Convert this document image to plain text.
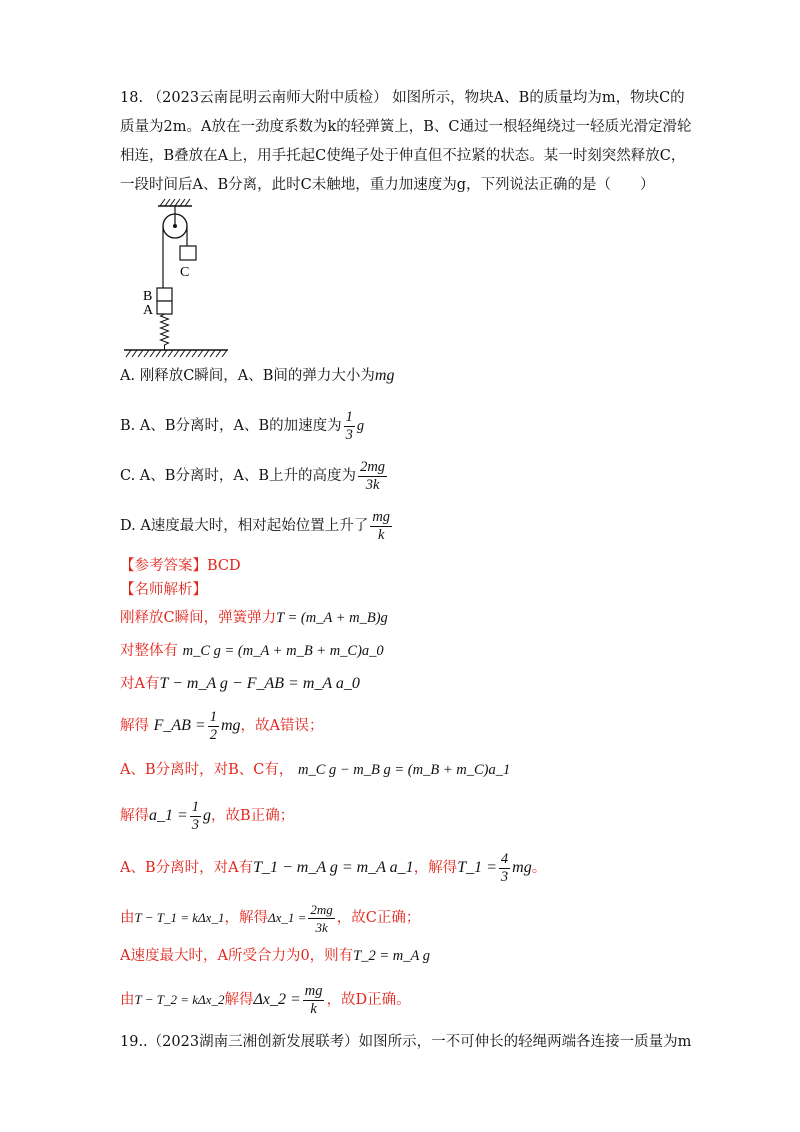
18. （2023云南昆明云南师大附中质检） 如图所示，物块A、B的质量均为m，物块C的
质量为2m。A放在一劲度系数为k的轻弹簧上，B、C通过一根轻绳绕过一轻质光滑定滑轮
相连，B叠放在A上，用手托起C使绳子处于伸直但不拉紧的状态。某一时刻突然释放C，
一段时间后A、B分离，此时C未触地，重力加速度为g，下列说法正确的是（　　）
C
B
A
A. 刚释放C瞬间，A、B间的弹力大小为mg
B. A、B分离时，A、B的加速度为 $\frac{1}{3}$ g
C. A、B分离时，A、B上升的高度为 $\frac{2mg}{3k}$
D. A速度最大时，相对起始位置上升了 $\frac{mg}{k}$
【参考答案】BCD
【名师解析】
刚释放C瞬间，弹簧弹力T = (m_A + m_B)g
对整体有 m_C g = (m_A + m_B + m_C)a_0
对A有T − m_A g − F_AB = m_A a_0
解得 F_AB = $\frac{1}{2}$ mg，故A错误；
A、B分离时，对B、C有， m_C g − m_B g = (m_B + m_C)a_1
解得a_1 = $\frac{1}{3}$ g，故B正确；
A、B分离时，对A有T_1 − m_A g = m_A a_1，解得T_1 = $\frac{4}{3}$ mg。
由T − T_1 = kΔx_1，解得Δx_1 = $\frac{2mg}{3k}$ ，故C正确；
A速度最大时，A所受合力为0，则有T_2 = m_A g
由T − T_2 = kΔx_2解得Δx_2 = $\frac{mg}{k}$ ，故D正确。
19..（2023湖南三湘创新发展联考）如图所示，一不可伸长的轻绳两端各连接一质量为m
